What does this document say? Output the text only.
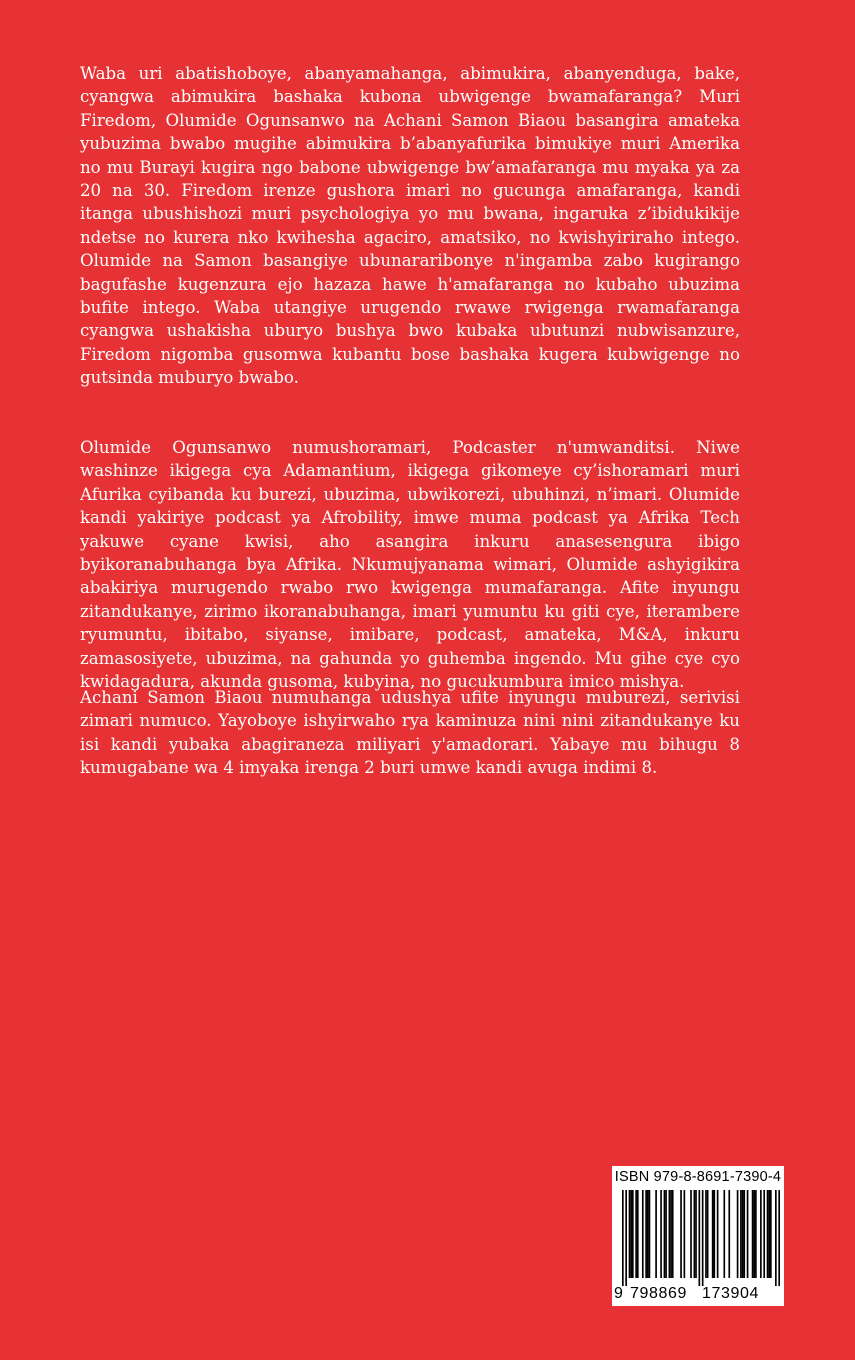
Waba uri abatishoboye, abanyamahanga, abimukira, abanyenduga, bake, cyangwa abimukira bashaka kubona ubwigenge bwamafaranga? Muri Firedom, Olumide Ogunsanwo na Achani Samon Biaou basangira amateka yubuzima bwabo mugihe abimukira b’abanyafurika bimukiye muri Amerika no mu Burayi kugira ngo babone ubwigenge bw’amafaranga mu myaka ya za 20 na 30. Firedom irenze gushora imari no gucunga amafaranga, kandi itanga ubushishozi muri psychologiya yo mu bwana, ingaruka z’ibidukikije ndetse no kurera nko kwihesha agaciro, amatsiko, no kwishyiriraho intego. Olumide na Samon basangiye ubunararibonye n'ingamba zabo kugirango bagufashe kugenzura ejo hazaza hawe h'amafaranga no kubaho ubuzima bufite intego. Waba utangiye urugendo rwawe rwigenga rwamafaranga cyangwa ushakisha uburyo bushya bwo kubaka ubutunzi nubwisanzure, Firedom nigomba gusomwa kubantu bose bashaka kugera kubwigenge no gutsinda muburyo bwabo.

Olumide Ogunsanwo numushoramari, Podcaster n'umwanditsi. Niwe washinze ikigega cya Adamantium, ikigega gikomeye cy’ishoramari muri Afurika cyibanda ku burezi, ubuzima, ubwikorezi, ubuhinzi, n’imari. Olumide kandi yakiriye podcast ya Afrobility, imwe muma podcast ya Afrika Tech yakuwe cyane kwisi, aho asangira inkuru anasesengura ibigo byikoranabuhanga bya Afrika. Nkumujyanama wimari, Olumide ashyigikira abakiriya murugendo rwabo rwo kwigenga mumafaranga. Afite inyungu zitandukanye, zirimo ikoranabuhanga, imari yumuntu ku giti cye, iterambere ryumuntu, ibitabo, siyanse, imibare, podcast, amateka, M&A, inkuru zamasosiyete, ubuzima, na gahunda yo guhemba ingendo. Mu gihe cye cyo kwidagadura, akunda gusoma, kubyina, no gucukumbura imico mishya.

Achani Samon Biaou numuhanga udushya ufite inyungu muburezi, serivisi zimari numuco. Yayoboye ishyirwaho rya kaminuza nini nini zitandukanye ku isi kandi yubaka abagiraneza miliyari y'amadorari. Yabaye mu bihugu 8 kumugabane wa 4 imyaka irenga 2 buri umwe kandi avuga indimi 8.

ISBN 979-8-8691-7390-4
9 798869 173904
